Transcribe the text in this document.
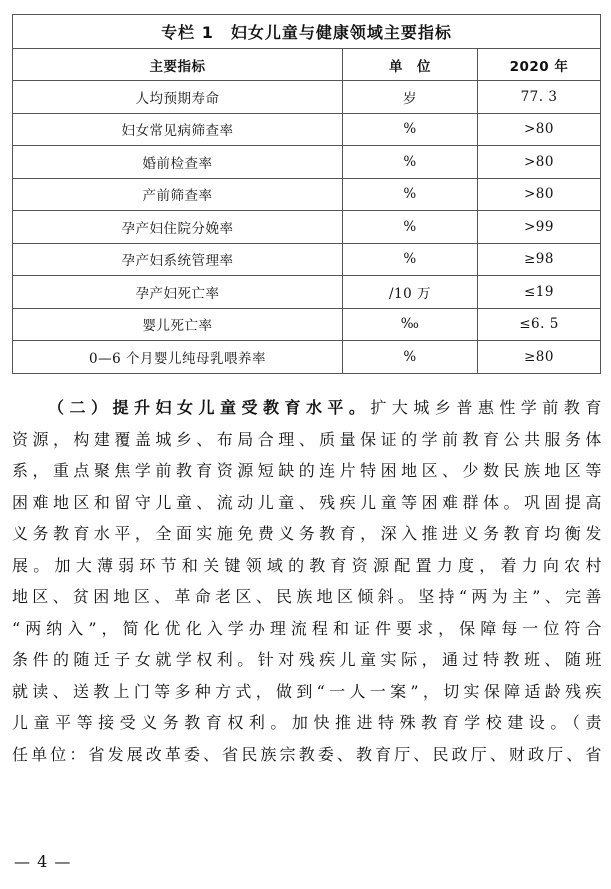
专栏 1　妇女儿童与健康领域主要指标		
主要指标	单　位	2020 年
人均预期寿命	岁	77. 3
妇女常见病筛查率	%	>80
婚前检查率	%	>80
产前筛查率	%	>80
孕产妇住院分娩率	%	>99
孕产妇系统管理率	%	≥98
孕产妇死亡率	/10 万	≤19
婴儿死亡率	‰	≤6. 5
0—6 个月婴儿纯母乳喂养率	%	≥80
（二）提升妇女儿童受教育水平。扩大城乡普惠性学前教育
资源，构建覆盖城乡、布局合理、质量保证的学前教育公共服务体
系，重点聚焦学前教育资源短缺的连片特困地区、少数民族地区等
困难地区和留守儿童、流动儿童、残疾儿童等困难群体。巩固提高
义务教育水平，全面实施免费义务教育，深入推进义务教育均衡发
展。加大薄弱环节和关键领域的教育资源配置力度，着力向农村
地区、贫困地区、革命老区、民族地区倾斜。坚持“两为主”、完善
“两纳入”，简化优化入学办理流程和证件要求，保障每一位符合
条件的随迁子女就学权利。针对残疾儿童实际，通过特教班、随班
就读、送教上门等多种方式，做到“一人一案”，切实保障适龄残疾
儿童平等接受义务教育权利。加快推进特殊教育学校建设。（责
任单位：省发展改革委、省民族宗教委、教育厅、民政厅、财政厅、省
— 4 —
